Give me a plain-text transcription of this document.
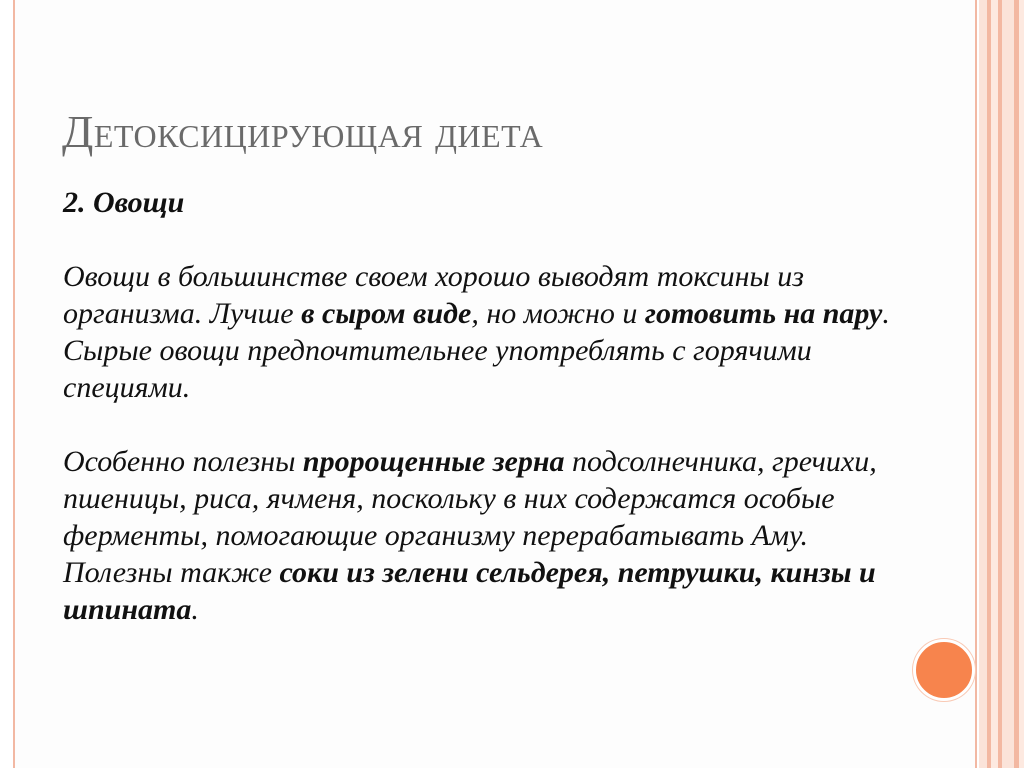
Детоксицирующая диета

2. Овощи

Овощи в большинстве своем хорошо выводят токсины из организма. Лучше в сыром виде, но можно и готовить на пару. Сырые овощи предпочтительнее употреблять с горячими специями.

Особенно полезны пророщенные зерна подсолнечника, гречихи, пшеницы, риса, ячменя, поскольку в них содержатся особые ферменты, помогающие организму перерабатывать Аму. Полезны также соки из зелени сельдерея, петрушки, кинзы и шпината.
